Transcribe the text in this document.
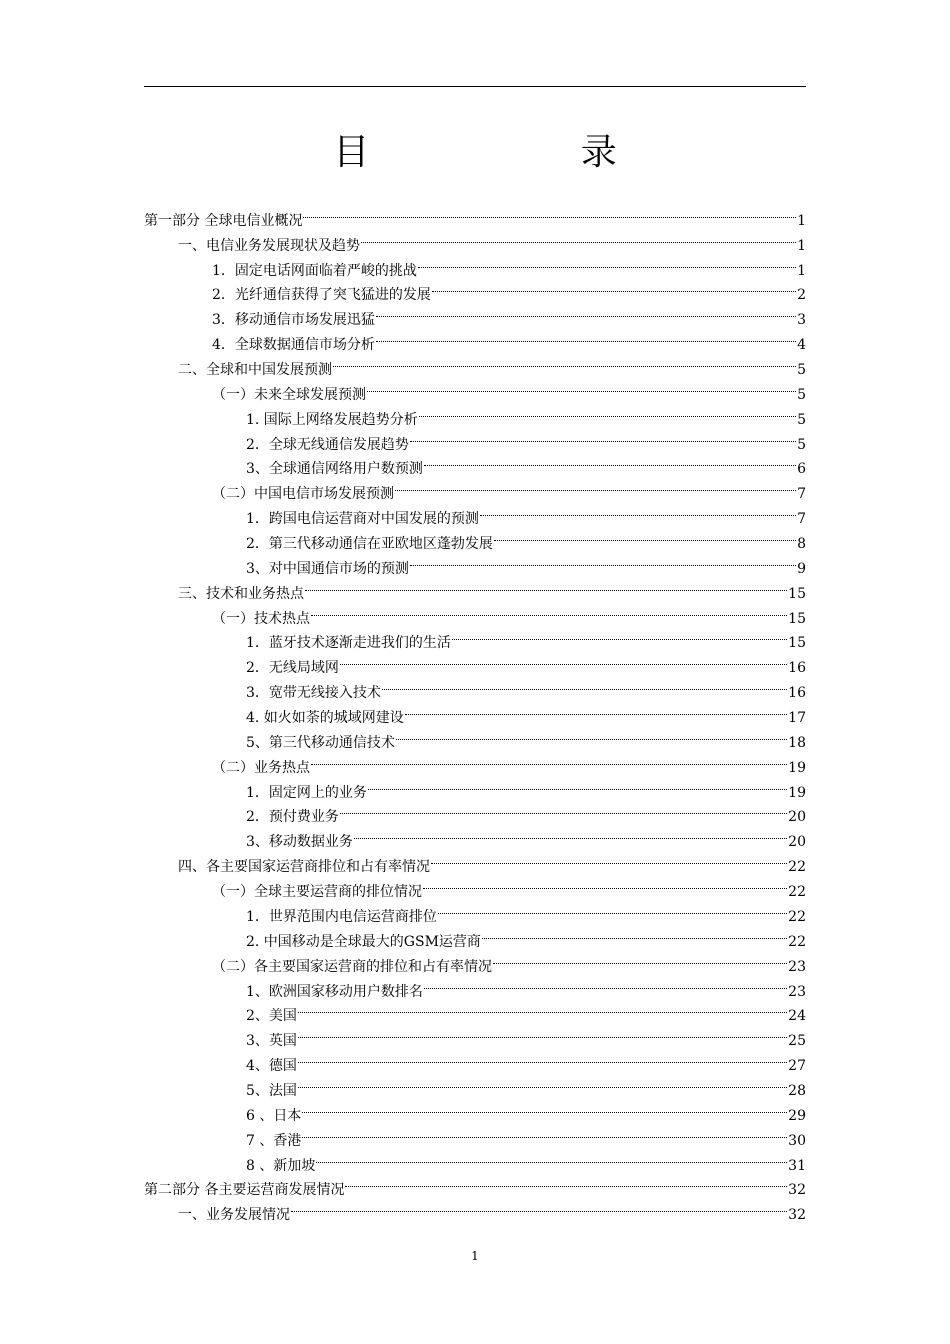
目 录
第一部分 全球电信业概况	1
一、电信业务发展现状及趋势	1
1．固定电话网面临着严峻的挑战	1
2．光纤通信获得了突飞猛进的发展	2
3．移动通信市场发展迅猛	3
4．全球数据通信市场分析	4
二、全球和中国发展预测	5
（一）未来全球发展预测	5
1. 国际上网络发展趋势分析	5
2．全球无线通信发展趋势	5
3、全球通信网络用户数预测	6
（二）中国电信市场发展预测	7
1．跨国电信运营商对中国发展的预测	7
2．第三代移动通信在亚欧地区蓬勃发展	8
3、对中国通信市场的预测	9
三、技术和业务热点	15
（一）技术热点	15
1．蓝牙技术逐渐走进我们的生活	15
2．无线局域网	16
3．宽带无线接入技术	16
4. 如火如荼的城域网建设	17
5、第三代移动通信技术	18
（二）业务热点	19
1．固定网上的业务	19
2．预付费业务	20
3、移动数据业务	20
四、各主要国家运营商排位和占有率情况	22
（一）全球主要运营商的排位情况	22
1．世界范围内电信运营商排位	22
2. 中国移动是全球最大的GSM运营商	22
（二）各主要国家运营商的排位和占有率情况	23
1、欧洲国家移动用户数排名	23
2、美国	24
3、英国	25
4、德国	27
5、法国	28
6 、日本	29
7 、香港	30
8 、新加坡	31
第二部分 各主要运营商发展情况	32
一、业务发展情况	32
1
